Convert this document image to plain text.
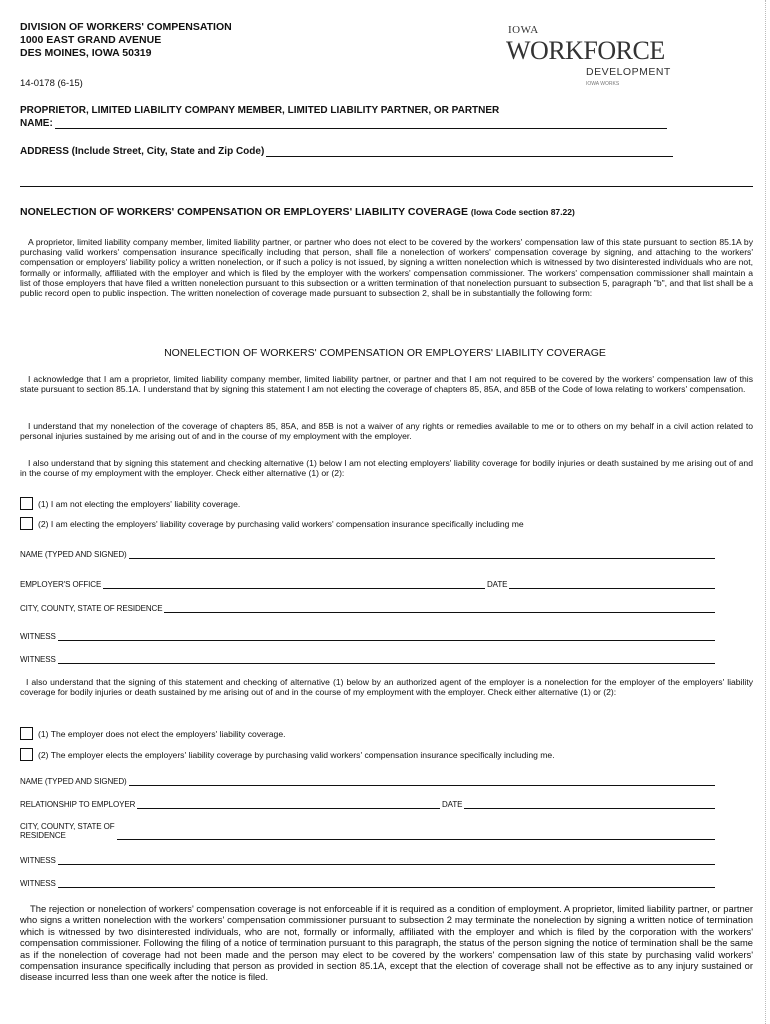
DIVISION OF WORKERS' COMPENSATION
1000 EAST GRAND AVENUE
DES MOINES, IOWA 50319
14-0178 (6-15)
IOWA
WORKFORCE
DEVELOPMENT
IOWA WORKS
PROPRIETOR, LIMITED LIABILITY COMPANY MEMBER, LIMITED LIABILITY PARTNER, OR PARTNER
NAME:
ADDRESS (Include Street, City, State and Zip Code)
NONELECTION OF WORKERS' COMPENSATION OR EMPLOYERS' LIABILITY COVERAGE (Iowa Code section 87.22)

A proprietor, limited liability company member, limited liability partner, or partner who does not elect to be covered by the workers' compensation law of this state pursuant to section 85.1A by purchasing valid workers' compensation insurance specifically including that person, shall file a nonelection of workers' compensation coverage by signing, and attaching to the workers' compensation or employers' liability policy a written nonelection, or if such a policy is not issued, by signing a written nonelection which is witnessed by two disinterested individuals who are not, formally or informally, affiliated with the employer and which is filed by the employer with the workers' compensation commissioner. The workers' compensation commissioner shall maintain a list of those employers that have filed a written nonelection pursuant to this subsection or a written termination of that nonelection pursuant to subsection 5, paragraph "b", and that list shall be a public record open to public inspection. The written nonelection of coverage made pursuant to subsection 2, shall be in substantially the following form:

NONELECTION OF WORKERS' COMPENSATION OR EMPLOYERS' LIABILITY COVERAGE

I acknowledge that I am a proprietor, limited liability company member, limited liability partner, or partner and that I am not required to be covered by the workers' compensation law of this state pursuant to section 85.1A. I understand that by signing this statement I am not electing the coverage of chapters 85, 85A, and 85B of the Code of Iowa relating to workers' compensation.

I understand that my nonelection of the coverage of chapters 85, 85A, and 85B is not a waiver of any rights or remedies available to me or to others on my behalf in a civil action related to personal injuries sustained by me arising out of and in the course of my employment with the employer.

I also understand that by signing this statement and checking alternative (1) below I am not electing employers' liability coverage for bodily injuries or death sustained by me arising out of and in the course of my employment with the employer. Check either alternative (1) or (2):

(1) I am not electing the employers' liability coverage.
(2) I am electing the employers' liability coverage by purchasing valid workers' compensation insurance specifically including me
NAME (TYPED AND SIGNED)
EMPLOYER'S OFFICE	DATE
CITY, COUNTY, STATE OF RESIDENCE
WITNESS
WITNESS

I also understand that the signing of this statement and checking of alternative (1) below by an authorized agent of the employer is a nonelection for the employer of the employers' liability coverage for bodily injuries or death sustained by me arising out of and in the course of my employment with the employer. Check either alternative (1) or (2):

(1) The employer does not elect the employers' liability coverage.
(2) The employer elects the employers' liability coverage by purchasing valid workers' compensation insurance specifically including me.
NAME (TYPED AND SIGNED)
RELATIONSHIP TO EMPLOYER	DATE
CITY, COUNTY, STATE OF
RESIDENCE
WITNESS
WITNESS

The rejection or nonelection of workers' compensation coverage is not enforceable if it is required as a condition of employment. A proprietor, limited liability partner, or partner who signs a written nonelection with the workers' compensation commissioner pursuant to subsection 2 may terminate the nonelection by signing a written notice of termination which is witnessed by two disinterested individuals, who are not, formally or informally, affiliated with the employer and which is filed by the corporation with the workers' compensation commissioner. Following the filing of a notice of termination pursuant to this paragraph, the status of the person signing the notice of termination shall be the same as if the nonelection of coverage had not been made and the person may elect to be covered by the workers' compensation law of this state by purchasing valid workers' compensation insurance specifically including that person as provided in section 85.1A, except that the election of coverage shall not be effective as to any injury sustained or disease incurred less than one week after the notice is filed.
